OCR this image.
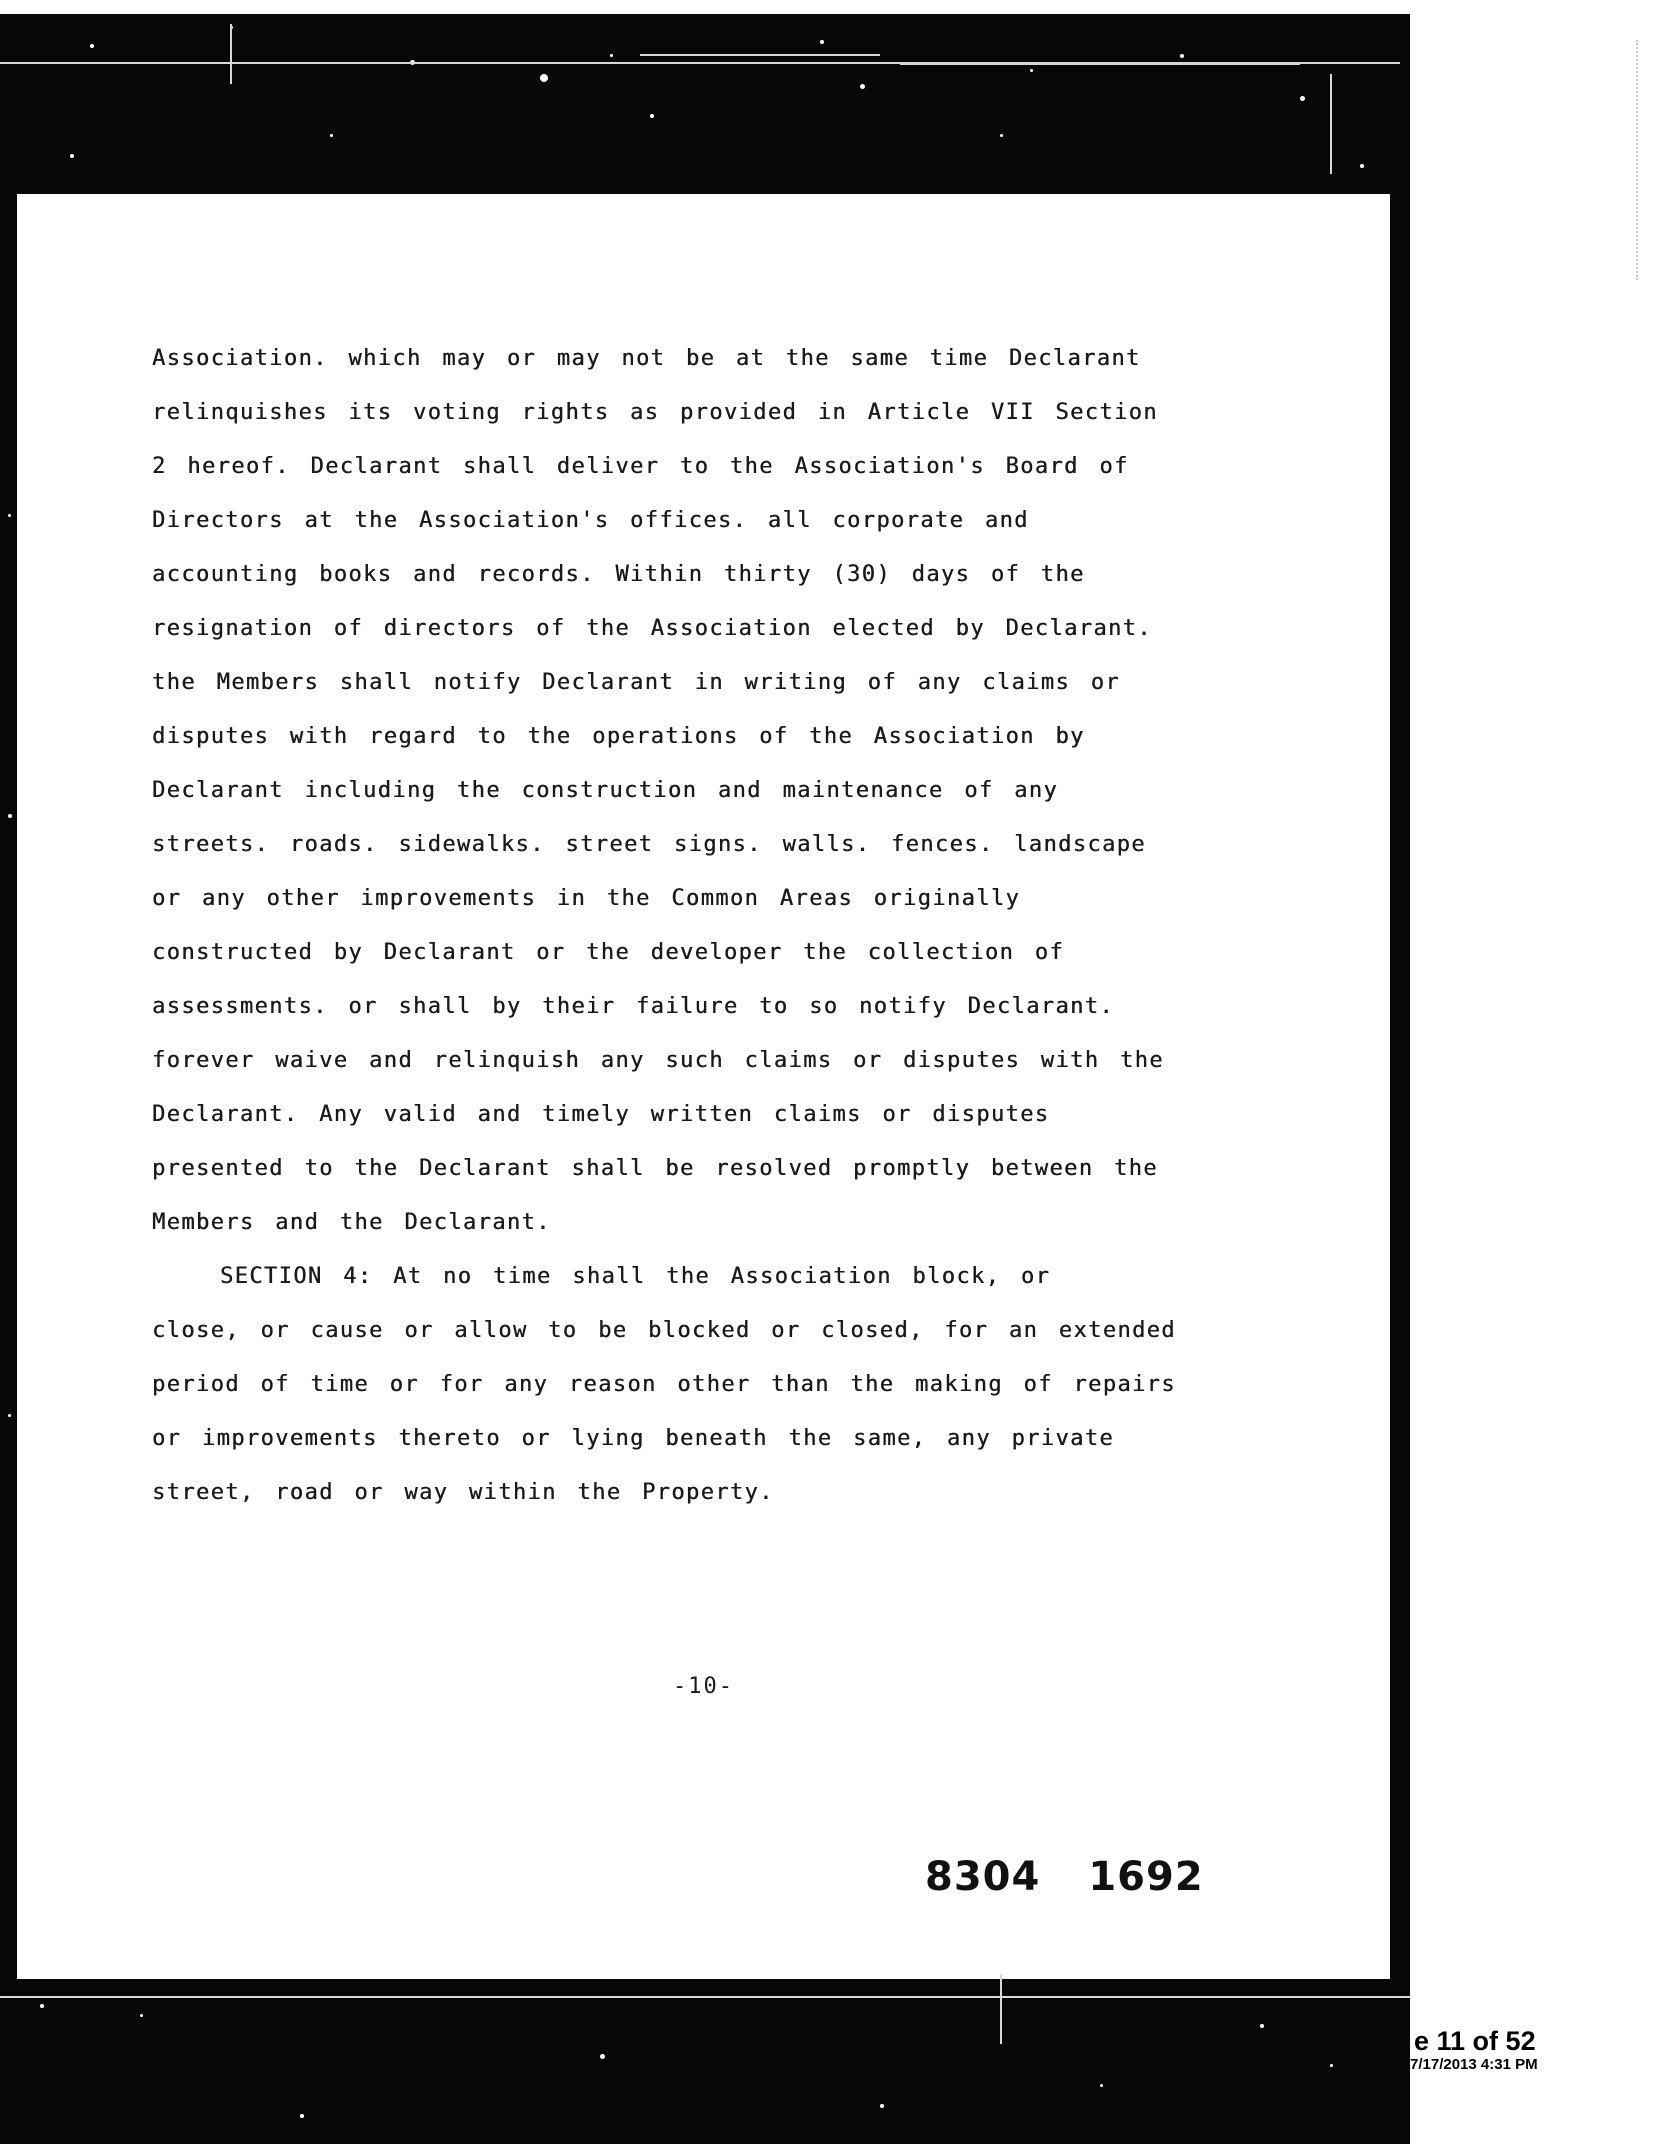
Association. which may or may not be at the same time Declarant
relinquishes its voting rights as provided in Article VII Section
2 hereof. Declarant shall deliver to the Association's Board of
Directors at the Association's offices. all corporate and
accounting books and records. Within thirty (30) days of the
resignation of directors of the Association elected by Declarant.
the Members shall notify Declarant in writing of any claims or
disputes with regard to the operations of the Association by
Declarant including the construction and maintenance of any
streets. roads. sidewalks. street signs. walls. fences. landscape
or any other improvements in the Common Areas originally
constructed by Declarant or the developer the collection of
assessments. or shall by their failure to so notify Declarant.
forever waive and relinquish any such claims or disputes with the
Declarant. Any valid and timely written claims or disputes
presented to the Declarant shall be resolved promptly between the
Members and the Declarant.
SECTION 4: At no time shall the Association block, or
close, or cause or allow to be blocked or closed, for an extended
period of time or for any reason other than the making of repairs
or improvements thereto or lying beneath the same, any private
street, road or way within the Property.
-10-
8304 1692
e 11 of 52
7/17/2013 4:31 PM
